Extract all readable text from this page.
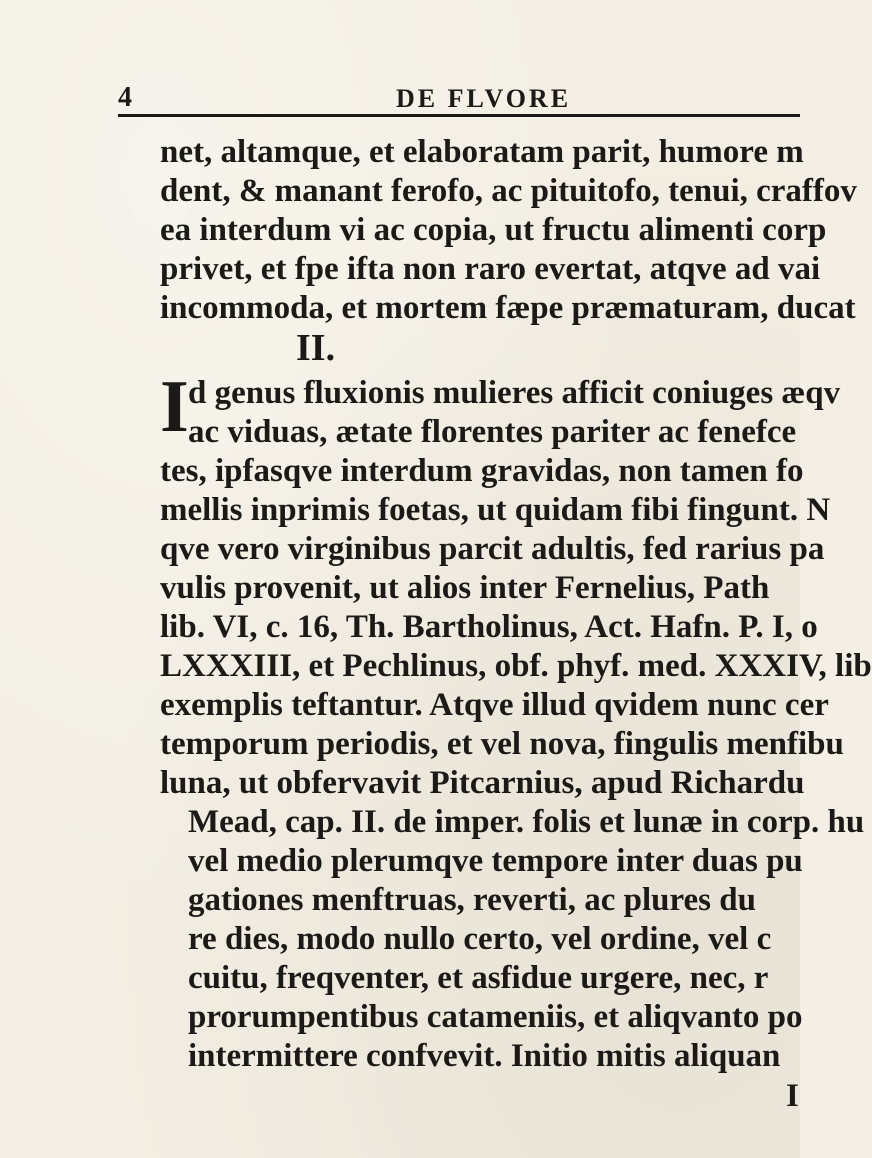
4	DE FLVORE
net, altamque, et elaboratam parit, humore m
dent, & manant ferofo, ac pituitofo, tenui, craffov
ea interdum vi ac copia, ut fructu alimenti corp
privet, et fpe ifta non raro evertat, atqve ad vai
incommoda, et mortem fæpe præmaturam, ducat
II.
I d genus fluxionis mulieres afficit coniuges æqv
ac viduas, ætate florentes pariter ac fenefce
tes, ipfasqve interdum gravidas, non tamen fo
mellis inprimis foetas, ut quidam fibi fingunt. N
qve vero virginibus parcit adultis, fed rarius pa
vulis provenit, ut alios inter Fernelius, Path
lib. VI, c. 16, Th. Bartholinus, Act. Hafn. P. I, o
LXXXIII, et Pechlinus, obf. phyf. med. XXXIV, lib
exemplis teftantur. Atqve illud qvidem nunc cer
temporum periodis, et vel nova, fingulis menfibu
luna, ut obfervavit Pitcarnius, apud Richardu
Mead, cap. II. de imper. folis et lunæ in corp. hu
vel medio plerumqve tempore inter duas pu
gationes menftruas, reverti, ac plures du
re dies, modo nullo certo, vel ordine, vel c
cuitu, freqventer, et asfidue urgere, nec, r
prorumpentibus catameniis, et aliqvanto po
intermittere confvevit. Initio mitis aliquan
I
